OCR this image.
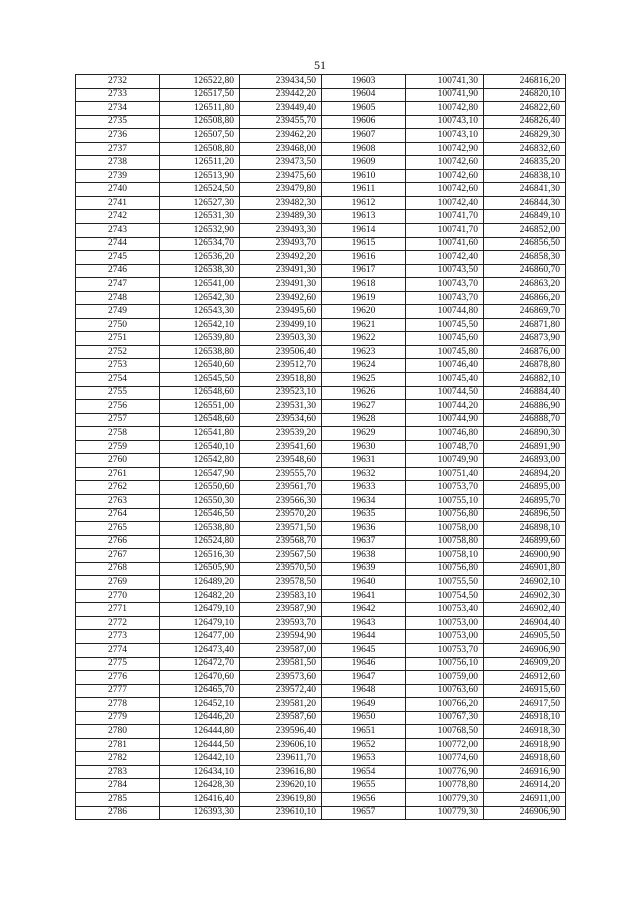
51
2732	126522,80	239434,50	19603	100741,30	246816,20
2733	126517,50	239442,20	19604	100741,90	246820,10
2734	126511,80	239449,40	19605	100742,80	246822,60
2735	126508,80	239455,70	19606	100743,10	246826,40
2736	126507,50	239462,20	19607	100743,10	246829,30
2737	126508,80	239468,00	19608	100742,90	246832,60
2738	126511,20	239473,50	19609	100742,60	246835,20
2739	126513,90	239475,60	19610	100742,60	246838,10
2740	126524,50	239479,80	19611	100742,60	246841,30
2741	126527,30	239482,30	19612	100742,40	246844,30
2742	126531,30	239489,30	19613	100741,70	246849,10
2743	126532,90	239493,30	19614	100741,70	246852,00
2744	126534,70	239493,70	19615	100741,60	246856,50
2745	126536,20	239492,20	19616	100742,40	246858,30
2746	126538,30	239491,30	19617	100743,50	246860,70
2747	126541,00	239491,30	19618	100743,70	246863,20
2748	126542,30	239492,60	19619	100743,70	246866,20
2749	126543,30	239495,60	19620	100744,80	246869,70
2750	126542,10	239499,10	19621	100745,50	246871,80
2751	126539,80	239503,30	19622	100745,60	246873,90
2752	126538,80	239506,40	19623	100745,80	246876,00
2753	126540,60	239512,70	19624	100746,40	246878,80
2754	126545,50	239518,80	19625	100745,40	246882,10
2755	126548,60	239523,10	19626	100744,50	246884,40
2756	126551,00	239531,30	19627	100744,20	246886,90
2757	126548,60	239534,60	19628	100744,90	246888,70
2758	126541,80	239539,20	19629	100746,80	246890,30
2759	126540,10	239541,60	19630	100748,70	246891,90
2760	126542,80	239548,60	19631	100749,90	246893,00
2761	126547,90	239555,70	19632	100751,40	246894,20
2762	126550,60	239561,70	19633	100753,70	246895,00
2763	126550,30	239566,30	19634	100755,10	246895,70
2764	126546,50	239570,20	19635	100756,80	246896,50
2765	126538,80	239571,50	19636	100758,00	246898,10
2766	126524,80	239568,70	19637	100758,80	246899,60
2767	126516,30	239567,50	19638	100758,10	246900,90
2768	126505,90	239570,50	19639	100756,80	246901,80
2769	126489,20	239578,50	19640	100755,50	246902,10
2770	126482,20	239583,10	19641	100754,50	246902,30
2771	126479,10	239587,90	19642	100753,40	246902,40
2772	126479,10	239593,70	19643	100753,00	246904,40
2773	126477,00	239594,90	19644	100753,00	246905,50
2774	126473,40	239587,00	19645	100753,70	246906,90
2775	126472,70	239581,50	19646	100756,10	246909,20
2776	126470,60	239573,60	19647	100759,00	246912,60
2777	126465,70	239572,40	19648	100763,60	246915,60
2778	126452,10	239581,20	19649	100766,20	246917,50
2779	126446,20	239587,60	19650	100767,30	246918,10
2780	126444,80	239596,40	19651	100768,50	246918,30
2781	126444,50	239606,10	19652	100772,00	246918,90
2782	126442,10	239611,70	19653	100774,60	246918,60
2783	126434,10	239616,80	19654	100776,90	246916,90
2784	126428,30	239620,10	19655	100778,80	246914,20
2785	126416,40	239619,80	19656	100779,30	246911,00
2786	126393,30	239610,10	19657	100779,30	246906,90
